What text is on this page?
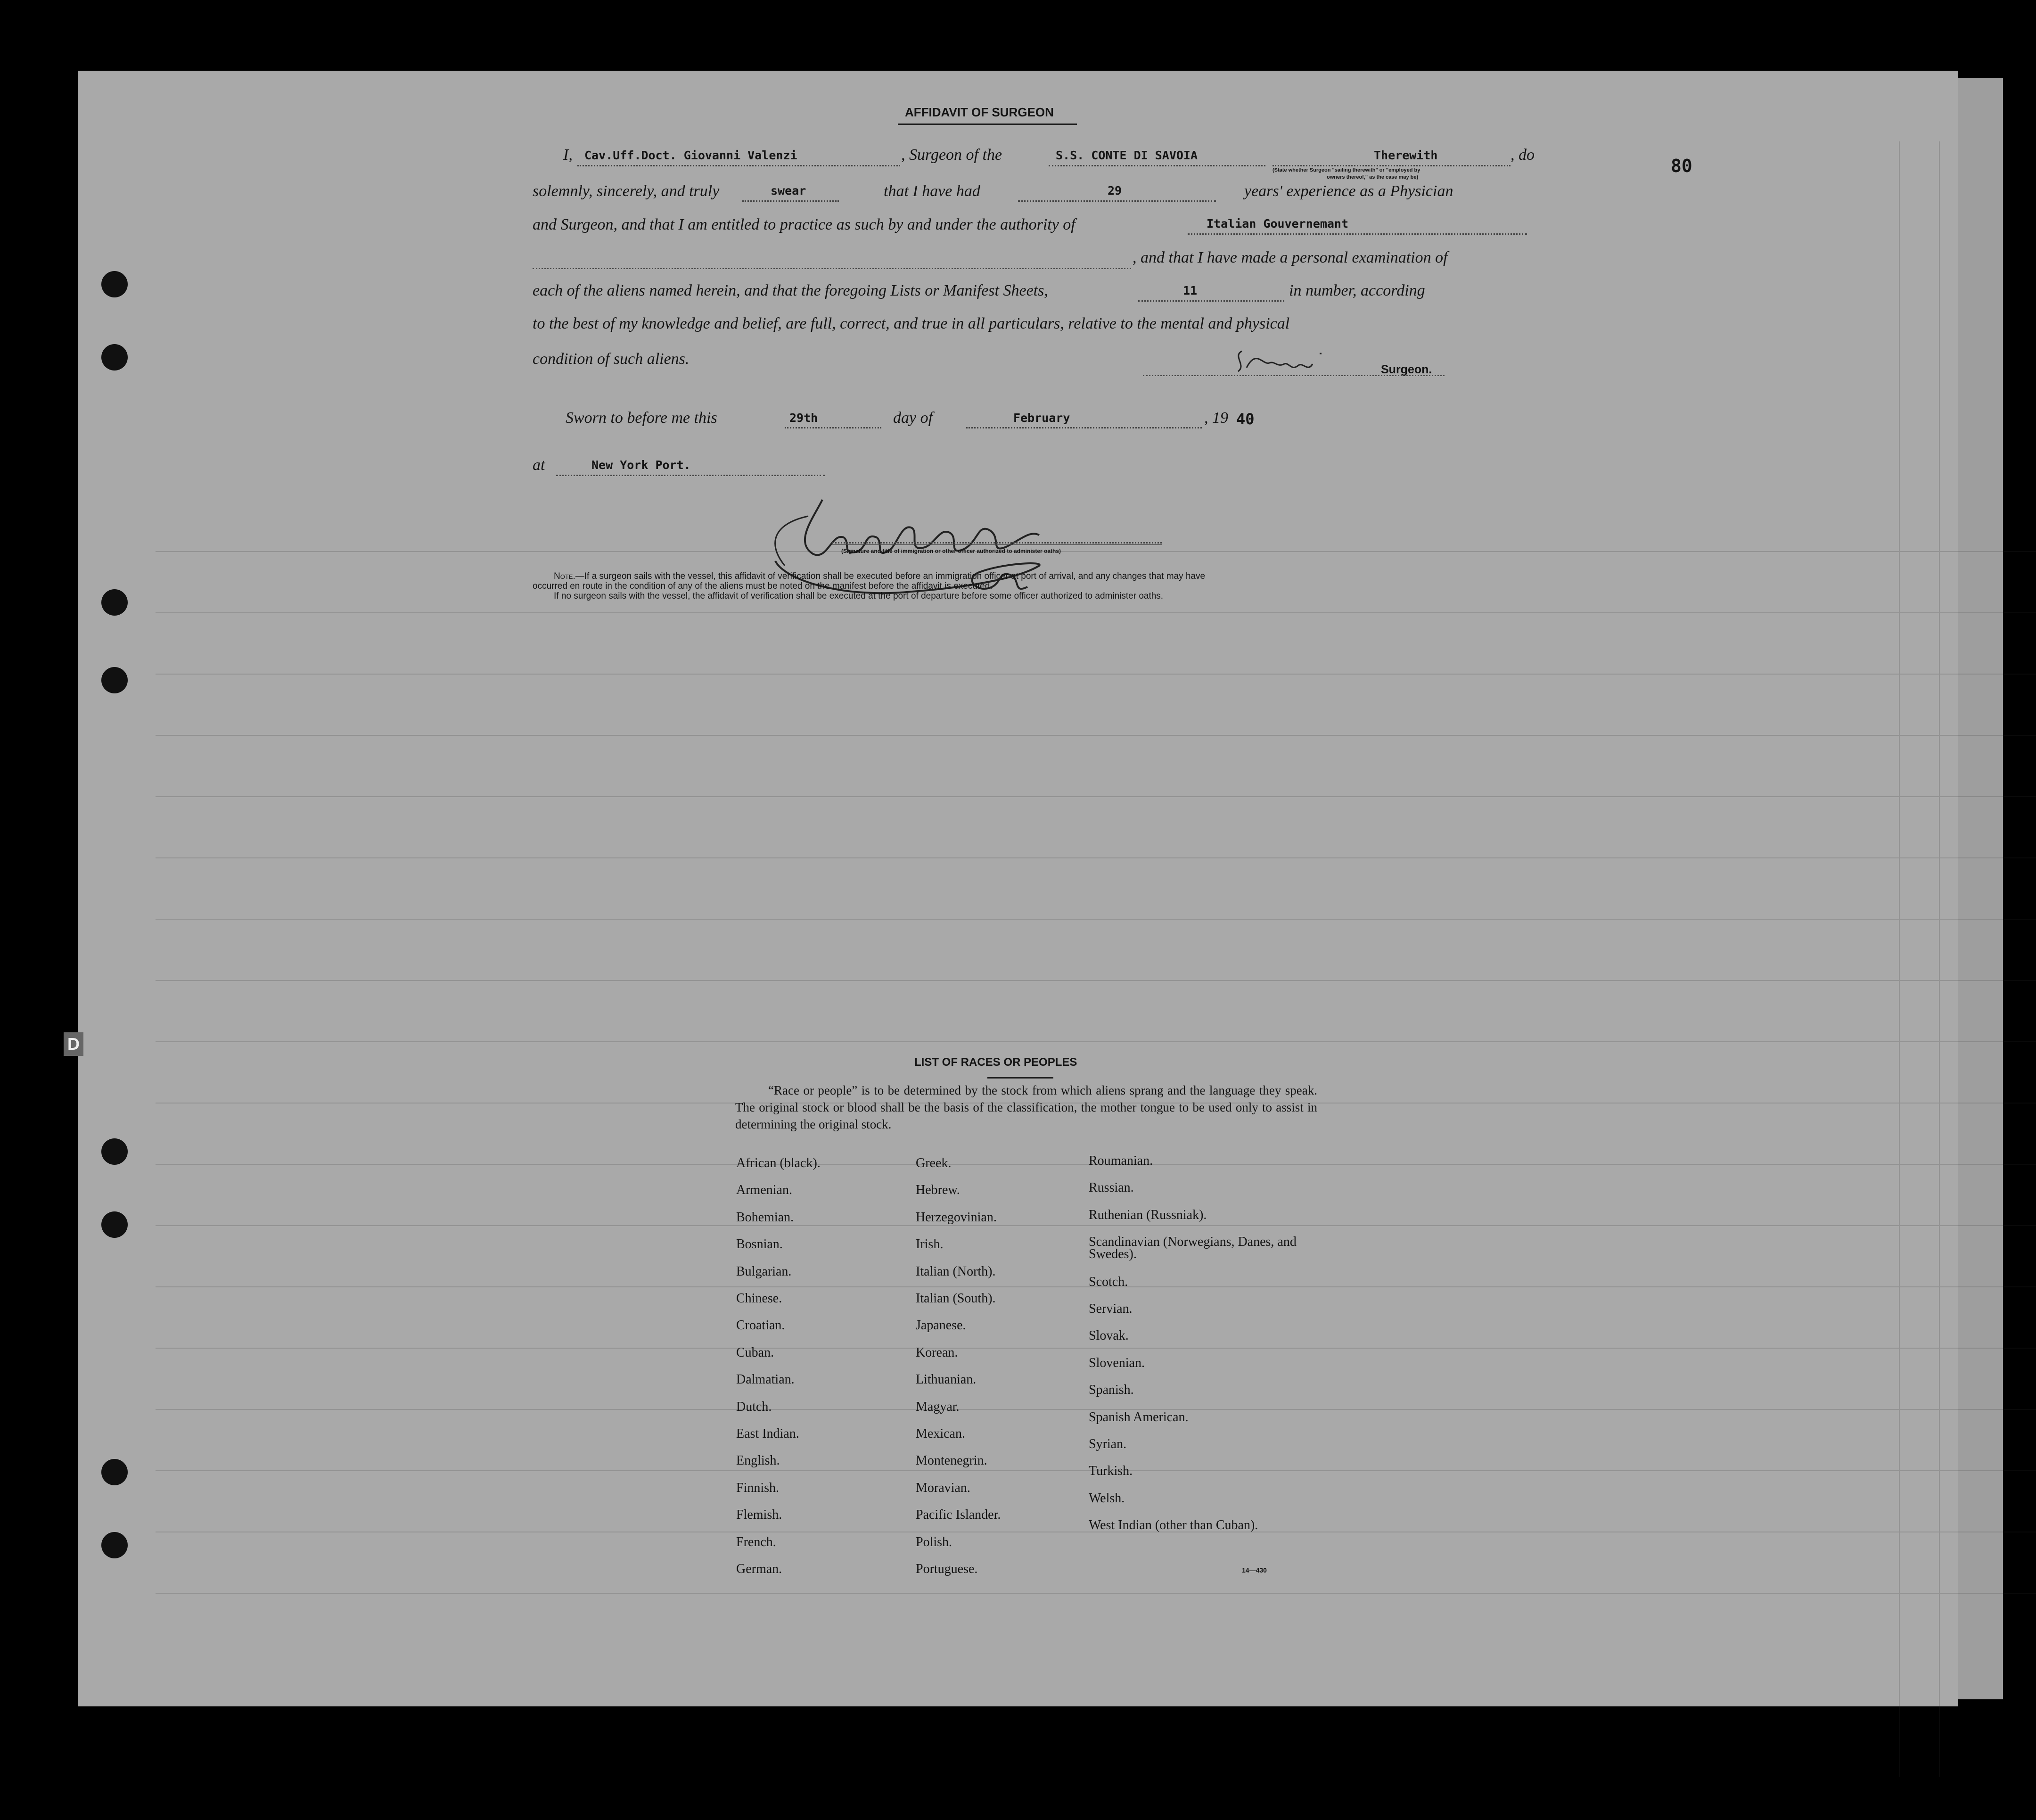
D
80
AFFIDAVIT OF SURGEON
I, Cav.Uff.Doct. Giovanni Valenzi	, Surgeon of the	S.S. CONTE DI SAVOIA	Therewith	, do
(State whether Surgeon "sailing therewith" or "employed by
owners thereof," as the case may be)
solemnly, sincerely, and truly	swear	that I have had	29	years' experience as a Physician
and Surgeon, and that I am entitled to practice as such by and under the authority of	Italian Gouvernemant
, and that I have made a personal examination of
each of the aliens named herein, and that the foregoing Lists or Manifest Sheets,	11	in number, according
to the best of my knowledge and belief, are full, correct, and true in all particulars, relative to the mental and physical
condition of such aliens.
Surgeon.
Sworn to before me this	29th	day of	February	, 19 40
at	New York Port.
(Signature and title of immigration or other officer authorized to administer oaths)
Note.—If a surgeon sails with the vessel, this affidavit of verification shall be executed before an immigration officer at port of arrival, and any changes that may have
occurred en route in the condition of any of the aliens must be noted on the manifest before the affidavit is executed.
If no surgeon sails with the vessel, the affidavit of verification shall be executed at the port of departure before some officer authorized to administer oaths.
LIST OF RACES OR PEOPLES
“Race or people” is to be determined by the stock from which aliens sprang and the language they speak. The original stock or blood shall be the basis of the classification, the mother tongue to be used only to assist in determining the original stock.
14—430
African (black).
Armenian.
Bohemian.
Bosnian.
Bulgarian.
Chinese.
Croatian.
Cuban.
Dalmatian.
Dutch.
East Indian.
English.
Finnish.
Flemish.
French.
German.
Greek.
Hebrew.
Herzegovinian.
Irish.
Italian (North).
Italian (South).
Japanese.
Korean.
Lithuanian.
Magyar.
Mexican.
Montenegrin.
Moravian.
Pacific Islander.
Polish.
Portuguese.
Roumanian.
Russian.
Ruthenian (Russniak).
Scandinavian (Norwegians, Danes, and Swedes).
Scotch.
Servian.
Slovak.
Slovenian.
Spanish.
Spanish American.
Syrian.
Turkish.
Welsh.
West Indian (other than Cuban).
